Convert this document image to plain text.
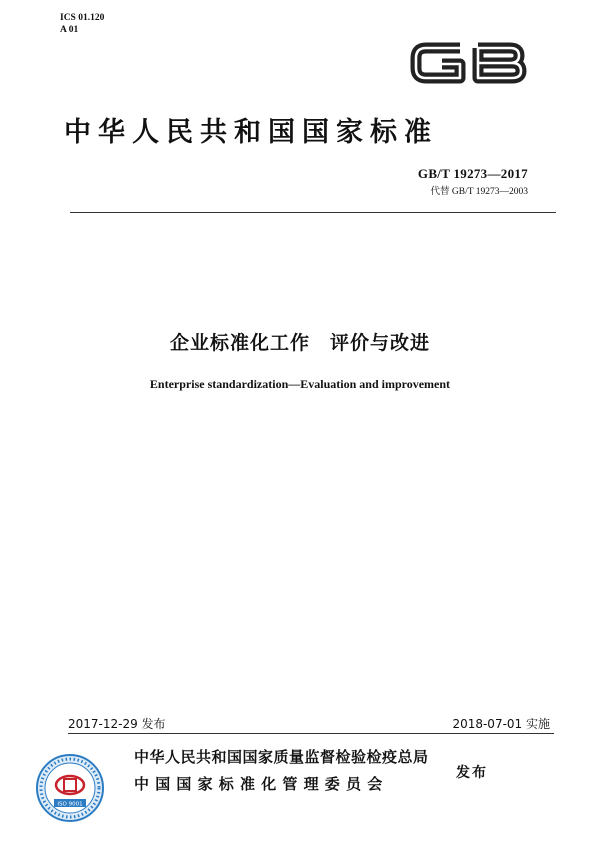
ICS 01.120
A 01
中华人民共和国国家标准
GB/T 19273—2017
代替 GB/T 19273—2003
企业标准化工作　评价与改进
Enterprise standardization—Evaluation and improvement
2017-12-29 发布	2018-07-01 实施
ISO 9001
中华人民共和国国家质量监督检验检疫总局
中国国家标准化管理委员会
发布
